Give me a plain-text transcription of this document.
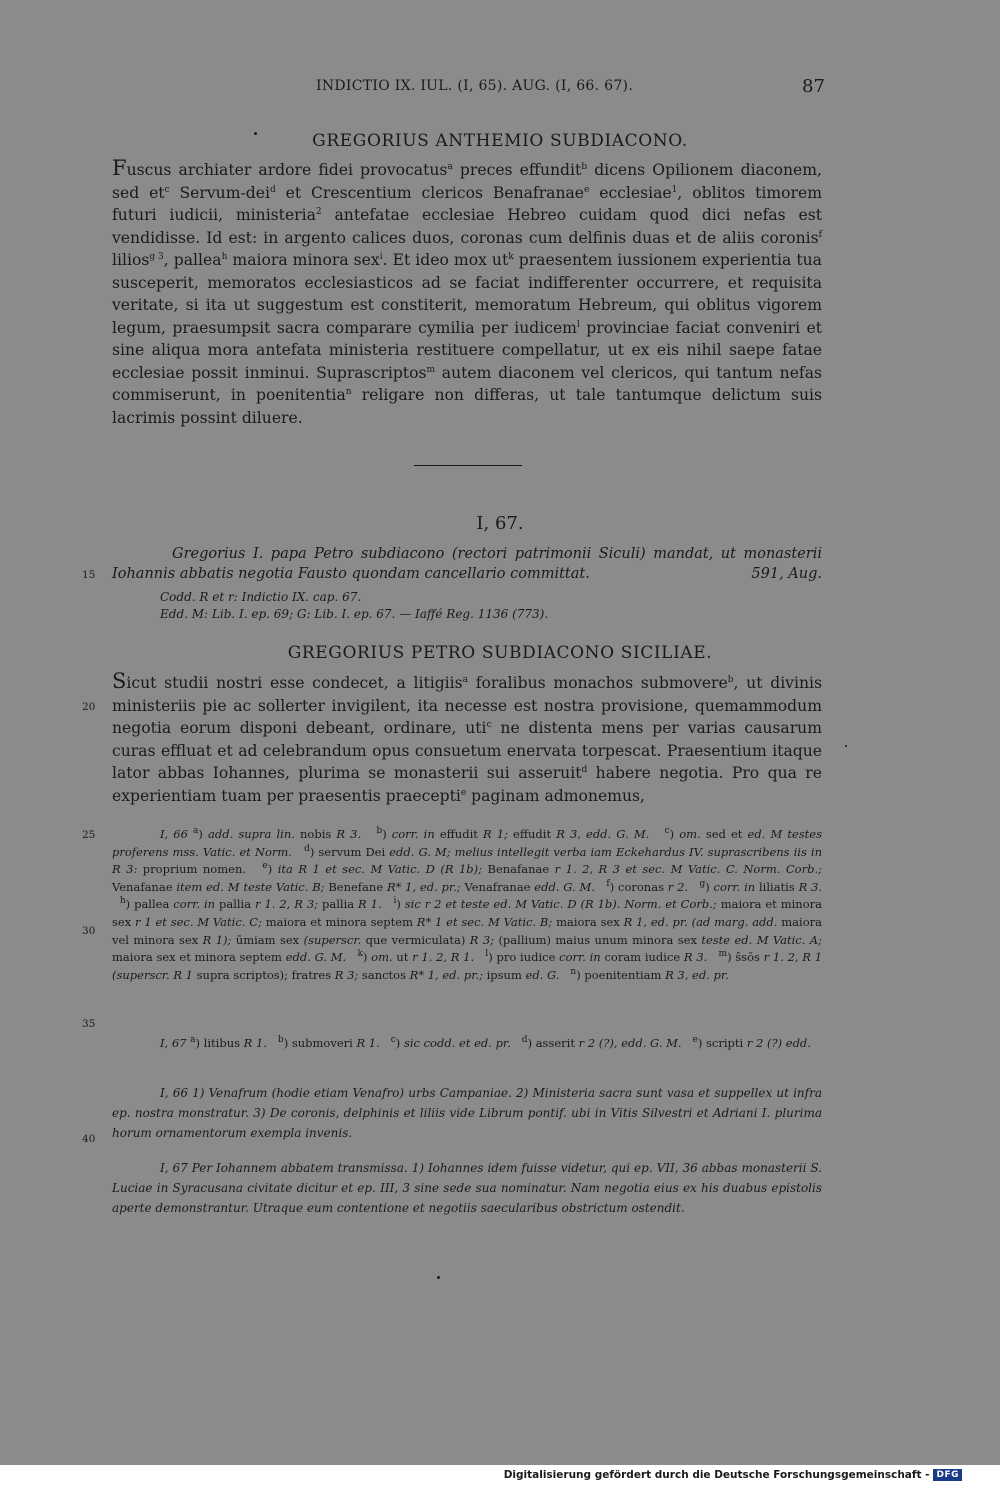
INDICTIO IX. IUL. (I, 65). AUG. (I, 66. 67).	87
GREGORIUS ANTHEMIO SUBDIACONO.

Fuscus archiater ardore fidei provocatus$^a$ preces effundit$^b$ dicens Opilionem diaconem, sed $et^c$ Servum-dei$^d$ et Crescentium clericos Benafranae$^e$ ecclesiae$^1$, oblitos timorem futuri iudicii, ministeria$^2$ antefatae ecclesiae Hebreo cuidam quod dici nefas est vendidisse. Id est: in argento calices duos, coronas cum delfinis duas et de aliis coronis$^f$ lilios$^{g 3}$, pallea$^h$ maiora minora sex$^i$. Et ideo mox $ut^k$ praesentem iussionem experientia tua susceperit, memoratos ecclesiasticos ad se faciat indifferenter occurrere, et requisita veritate, si ita ut suggestum est constiterit, memoratum Hebreum, qui oblitus vigorem legum, praesumpsit sacra comparare cymilia per iudicem$^l$ provinciae faciat conveniri et sine aliqua mora antefata ministeria restituere compellatur, ut ex eis nihil saepe fatae ecclesiae possit inminui. Suprascriptos$^m$ autem diaconem vel clericos, qui tantum nefas commiserunt, in poenitentia$^n$ religare non differas, ut tale tantumque delictum suis lacrimis possint diluere.

I, 67.
15

Gregorius I. papa Petro subdiacono (rectori patrimonii Siculi) mandat, ut monasterii Iohannis abbatis negotia Fausto quondam cancellario committat.	591, Aug.

Codd. R et r: Indictio IX. cap. 67.
Edd. M: Lib. I. ep. 69; G: Lib. I. ep. 67. — Iaffé Reg. 1136 (773).
GREGORIUS PETRO SUBDIACONO SICILIAE.
20

Sicut studii nostri esse condecet, a litigiis$^a$ foralibus monachos submovere$^b$, ut divinis ministeriis pie ac sollerter invigilent, ita necesse est nostra provisione, quemammodum negotia eorum disponi debeant, ordinare, uti$^c$ ne distenta mens per varias causarum curas effluat et ad celebrandum opus consuetum enervata torpescat. Praesentium itaque lator abbas Iohannes, plurima se monasterii sui asseruit$^d$ habere negotia. Pro qua re experientiam tuam per praesentis praecepti$^e$ paginam admonemus,

25
30
35

I, 66 $^a$) add. supra lin. nobis R 3. $^b$) corr. in effudit R 1; effudit R 3, edd. G. M. $^c$) om. sed et ed. M testes proferens mss. Vatic. et Norm. $^d$) servum Dei edd. G. M; melius intellegit verba iam Eckehardus IV. suprascribens iis in R 3: proprium nomen.   $^e$) ita R 1 et sec. M Vatic. D (R 1b); Benafanae r 1. 2, R 3 et sec. M Vatic. C. Norm. Corb.; Venafanae item ed. M teste Vatic. B; Benefane R* 1, ed. pr.; Venafranae edd. G. M. $^f$) coronas r 2. $^g$) corr. in liliatis R 3.   $^h$) pallea corr. in pallia r 1. 2, R 3; pallia R 1. $^i$) sic r 2 et teste ed. M Vatic. D (R 1b). Norm. et Corb.; maiora et minora sex r 1 et sec. M Vatic. C; maiora et minora septem R* 1 et sec. M Vatic. B; maiora sex R 1, ed. pr. (ad marg. add. maiora vel minora sex R 1); ūmiam sex (superscr. que vermiculata) R 3; (pallium) maius unum minora sex teste ed. M Vatic. A; maiora sex et minora septem edd. G. M. $^k$) om. ut r 1. 2, R 1. $^l$) pro iudice corr. in coram iudice R 3. $^m$) ŝsōs r 1. 2, R 1 (superscr. R 1 supra scriptos); fratres R 3; sanctos R* 1, ed. pr.; ipsum ed. G. $^n$) poenitentiam R 3, ed. pr.

I, 67 $^a$) litibus R 1. $^b$) submoveri R 1. $^c$) sic codd. et ed. pr. $^d$) asserit r 2 (?), edd. G. M. $^e$) scripti r 2 (?) edd.

40

I, 66 1) Venafrum (hodie etiam Venafro) urbs Campaniae. 2) Ministeria sacra sunt vasa et suppellex ut infra ep. nostra monstratur. 3) De coronis, delphinis et liliis vide Librum pontif. ubi in Vitis Silvestri et Adriani I. plurima horum ornamentorum exempla invenis.

I, 67 Per Iohannem abbatem transmissa. 1) Iohannes idem fuisse videtur, qui ep. VII, 36 abbas monasterii S. Luciae in Syracusana civitate dicitur et ep. III, 3 sine sede sua nominatur. Nam negotia eius ex his duabus epistolis aperte demonstrantur. Utraque eum contentione et negotiis saecularibus obstrictum ostendit.

Digitalisierung gefördert durch die Deutsche Forschungsgemeinschaft - DFG
